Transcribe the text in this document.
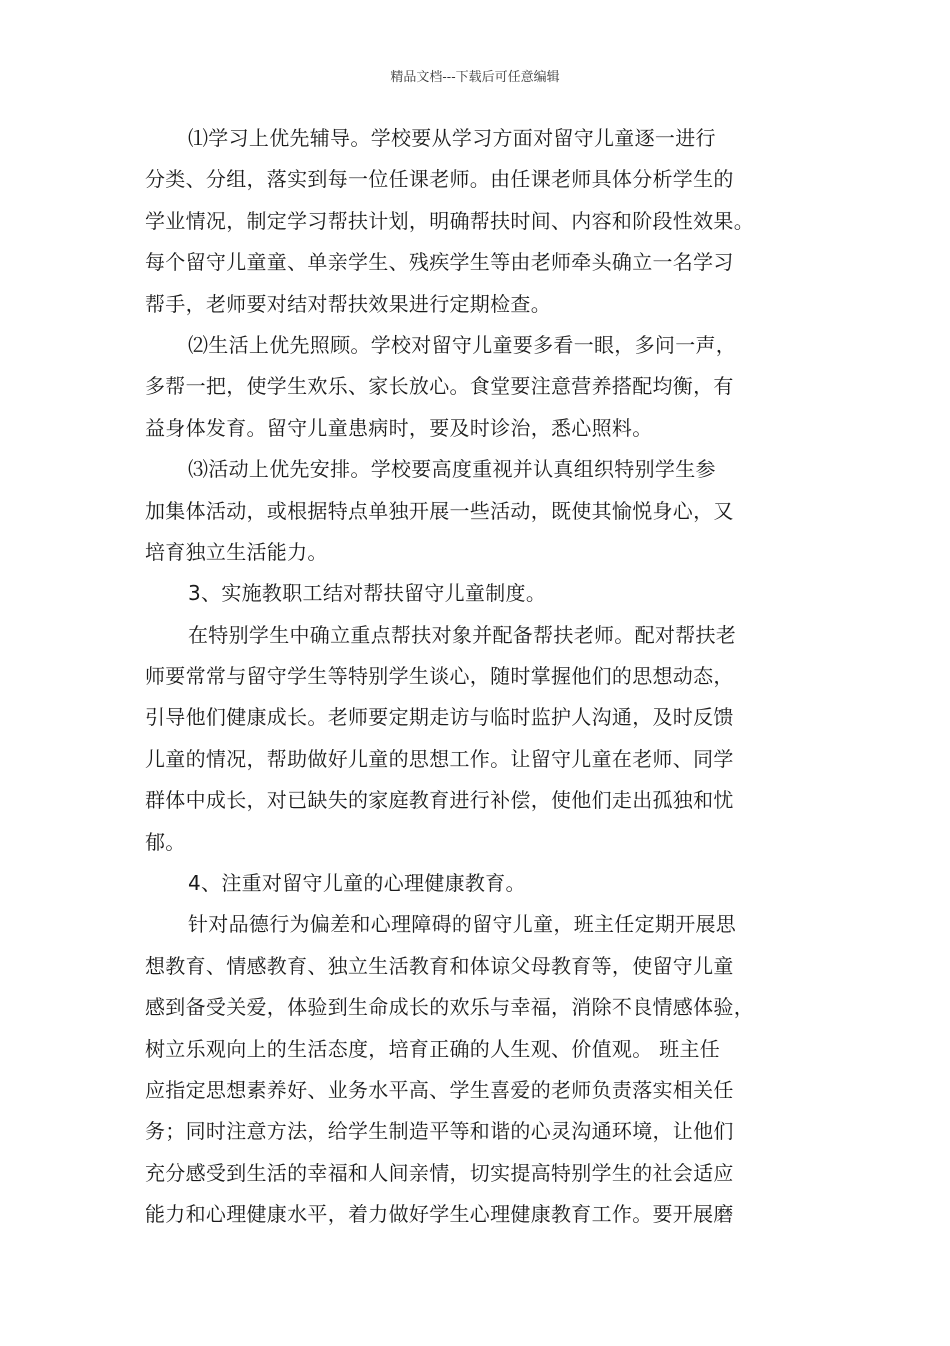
精品文档---下载后可任意编辑
⑴学习上优先辅导。学校要从学习方面对留守儿童逐一进行
分类、分组，落实到每一位任课老师。由任课老师具体分析学生的
学业情况，制定学习帮扶计划，明确帮扶时间、内容和阶段性效果。
每个留守儿童童、单亲学生、残疾学生等由老师牵头确立一名学习
帮手，老师要对结对帮扶效果进行定期检查。
⑵生活上优先照顾。学校对留守儿童要多看一眼，多问一声，
多帮一把，使学生欢乐、家长放心。食堂要注意营养搭配均衡，有
益身体发育。留守儿童患病时，要及时诊治，悉心照料。
⑶活动上优先安排。学校要高度重视并认真组织特别学生参
加集体活动，或根据特点单独开展一些活动，既使其愉悦身心，又
培育独立生活能力。
3、实施教职工结对帮扶留守儿童制度。
在特别学生中确立重点帮扶对象并配备帮扶老师。配对帮扶老
师要常常与留守学生等特别学生谈心，随时掌握他们的思想动态，
引导他们健康成长。老师要定期走访与临时监护人沟通，及时反馈
儿童的情况，帮助做好儿童的思想工作。让留守儿童在老师、同学
群体中成长，对已缺失的家庭教育进行补偿，使他们走出孤独和忧
郁。
4、注重对留守儿童的心理健康教育。
针对品德行为偏差和心理障碍的留守儿童，班主任定期开展思
想教育、情感教育、独立生活教育和体谅父母教育等，使留守儿童
感到备受关爱，体验到生命成长的欢乐与幸福，消除不良情感体验，
树立乐观向上的生活态度，培育正确的人生观、价值观。 班主任
应指定思想素养好、业务水平高、学生喜爱的老师负责落实相关任
务；同时注意方法，给学生制造平等和谐的心灵沟通环境，让他们
充分感受到生活的幸福和人间亲情，切实提高特别学生的社会适应
能力和心理健康水平，着力做好学生心理健康教育工作。要开展磨
